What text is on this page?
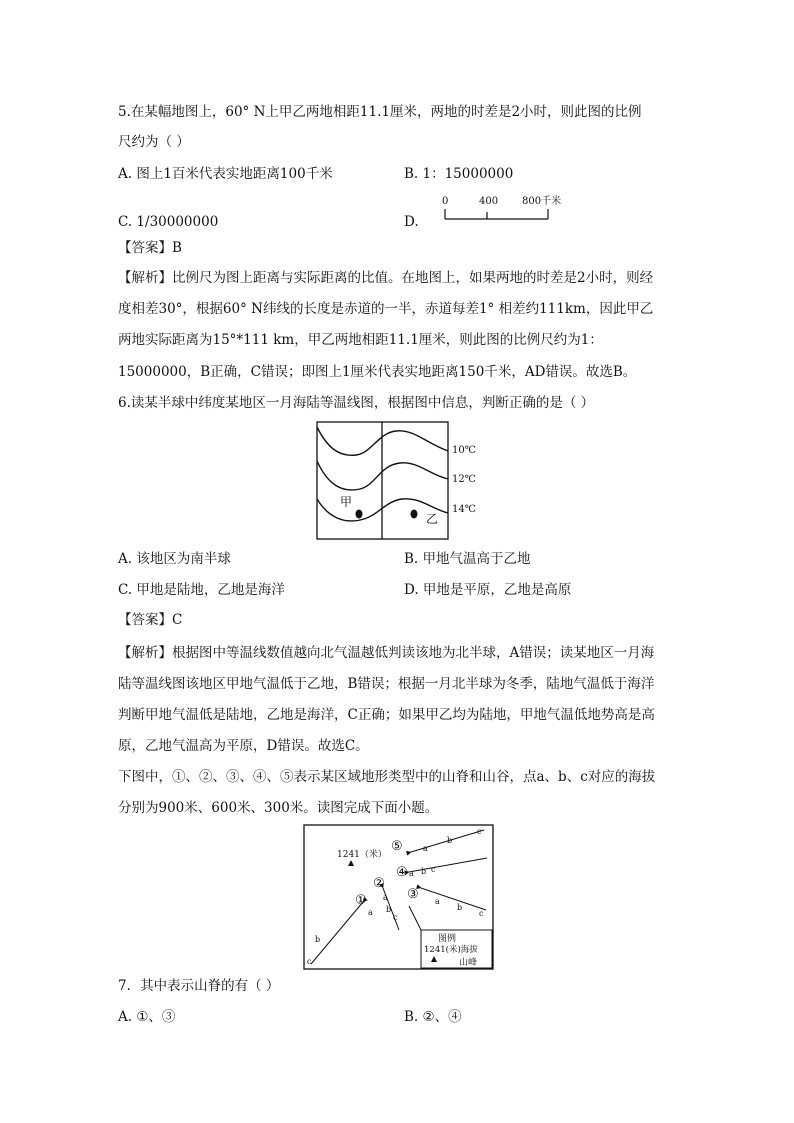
5.在某幅地图上，60° N上甲乙两地相距11.1厘米，两地的时差是2小时，则此图的比例
尺约为（ ）
A. 图上1百米代表实地距离100千米	B. 1：15000000
C. 1/30000000	D.
0	400 800千米
【答案】B
【解析】比例尺为图上距离与实际距离的比值。在地图上，如果两地的时差是2小时，则经
度相差30°，根据60° N纬线的长度是赤道的一半，赤道每差1° 相差约111km，因此甲乙
两地实际距离为15°*111 km，甲乙两地相距11.1厘米，则此图的比例尺约为1：
15000000，B正确，C错误；即图上1厘米代表实地距离150千米，AD错误。故选B。
6.读某半球中纬度某地区一月海陆等温线图，根据图中信息，判断正确的是（ ）
10℃
12℃
14℃
甲
乙
A. 该地区为南半球	B. 甲地气温高于乙地
C. 甲地是陆地，乙地是海洋	D. 甲地是平原，乙地是高原
【答案】C
【解析】根据图中等温线数值越向北气温越低判读该地为北半球，A错误；读某地区一月海
陆等温线图该地区甲地气温低于乙地，B错误；根据一月北半球为冬季，陆地气温低于海洋
判断甲地气温低是陆地，乙地是海洋，C正确；如果甲乙均为陆地，甲地气温低地势高是高
原，乙地气温高为平原，D错误。故选C。
下图中，①、②、③、④、⑤表示某区域地形类型中的山脊和山谷，点a、b、c对应的海拔
分别为900米、600米、300米。读图完成下面小题。
1241（米）
⑤	a
b
c
④ a b c
③ a
b
c
②
a
b
c
①
a
b
c
图例
1241(米)海拔
山峰
7．其中表示山脊的有（ ）
A. ①、③	B. ②、④
